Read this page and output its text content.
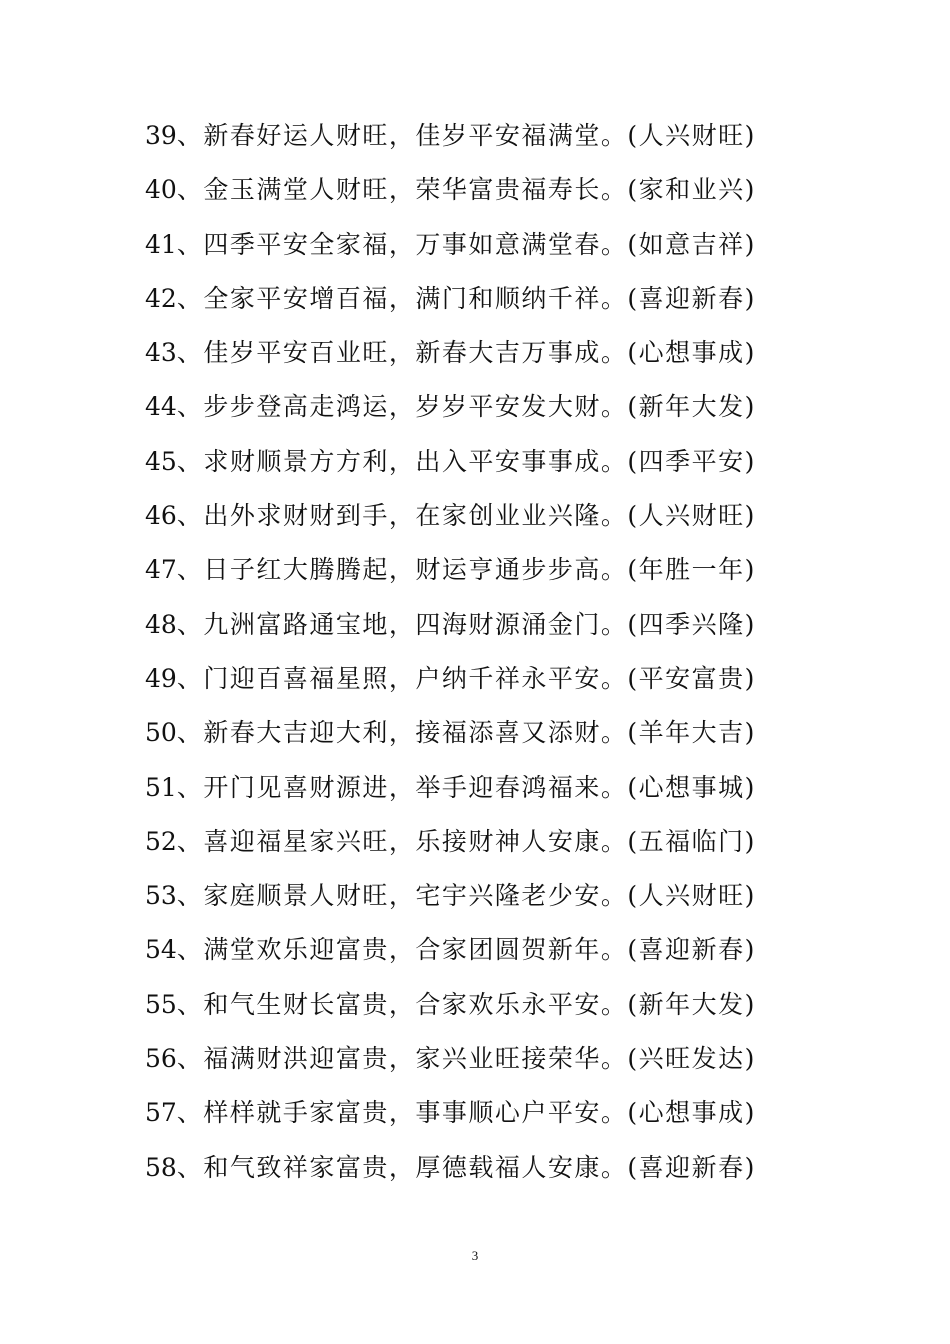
39、新春好运人财旺，佳岁平安福满堂。(人兴财旺)
40、金玉满堂人财旺，荣华富贵福寿长。(家和业兴)
41、四季平安全家福，万事如意满堂春。(如意吉祥)
42、全家平安增百福，满门和顺纳千祥。(喜迎新春)
43、佳岁平安百业旺，新春大吉万事成。(心想事成)
44、步步登高走鸿运，岁岁平安发大财。(新年大发)
45、求财顺景方方利，出入平安事事成。(四季平安)
46、出外求财财到手，在家创业业兴隆。(人兴财旺)
47、日子红大腾腾起，财运亨通步步高。(年胜一年)
48、九洲富路通宝地，四海财源涌金门。(四季兴隆)
49、门迎百喜福星照，户纳千祥永平安。(平安富贵)
50、新春大吉迎大利，接福添喜又添财。(羊年大吉)
51、开门见喜财源进，举手迎春鸿福来。(心想事城)
52、喜迎福星家兴旺，乐接财神人安康。(五福临门)
53、家庭顺景人财旺，宅宇兴隆老少安。(人兴财旺)
54、满堂欢乐迎富贵，合家团圆贺新年。(喜迎新春)
55、和气生财长富贵，合家欢乐永平安。(新年大发)
56、福满财洪迎富贵，家兴业旺接荣华。(兴旺发达)
57、样样就手家富贵，事事顺心户平安。(心想事成)
58、和气致祥家富贵，厚德载福人安康。(喜迎新春)
3
